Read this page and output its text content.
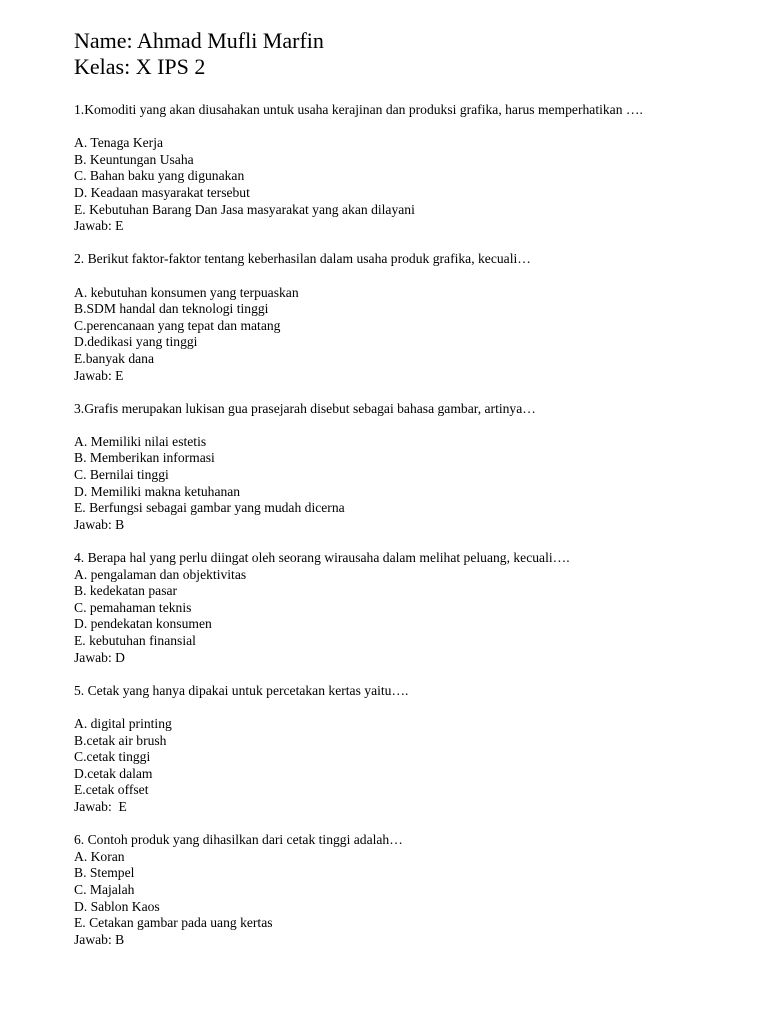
Name: Ahmad Mufli Marfin

Kelas: X IPS 2

1.Komoditi yang akan diusahakan untuk usaha kerajinan dan produksi grafika, harus memperhatikan ….

A. Tenaga Kerja
B. Keuntungan Usaha
C. Bahan baku yang digunakan
D. Keadaan masyarakat tersebut
E. Kebutuhan Barang Dan Jasa masyarakat yang akan dilayani

Jawab: E

2. Berikut faktor-faktor tentang keberhasilan dalam usaha produk grafika, kecuali…

A. kebutuhan konsumen yang terpuaskan
B.SDM handal dan teknologi tinggi
C.perencanaan yang tepat dan matang
D.dedikasi yang tinggi
E.banyak dana

Jawab: E

3.Grafis merupakan lukisan gua prasejarah disebut sebagai bahasa gambar, artinya…

A. Memiliki nilai estetis
B. Memberikan informasi
C. Bernilai tinggi
D. Memiliki makna ketuhanan
E. Berfungsi sebagai gambar yang mudah dicerna

Jawab: B

4. Berapa hal yang perlu diingat oleh seorang wirausaha dalam melihat peluang, kecuali….

A. pengalaman dan objektivitas
B. kedekatan pasar
C. pemahaman teknis
D. pendekatan konsumen
E. kebutuhan finansial

Jawab: D

5. Cetak yang hanya dipakai untuk percetakan kertas yaitu….

A. digital printing
B.cetak air brush
C.cetak tinggi
D.cetak dalam
E.cetak offset

Jawab:  E

6. Contoh produk yang dihasilkan dari cetak tinggi adalah…

A. Koran
B. Stempel
C. Majalah
D. Sablon Kaos
E. Cetakan gambar pada uang kertas

Jawab: B
